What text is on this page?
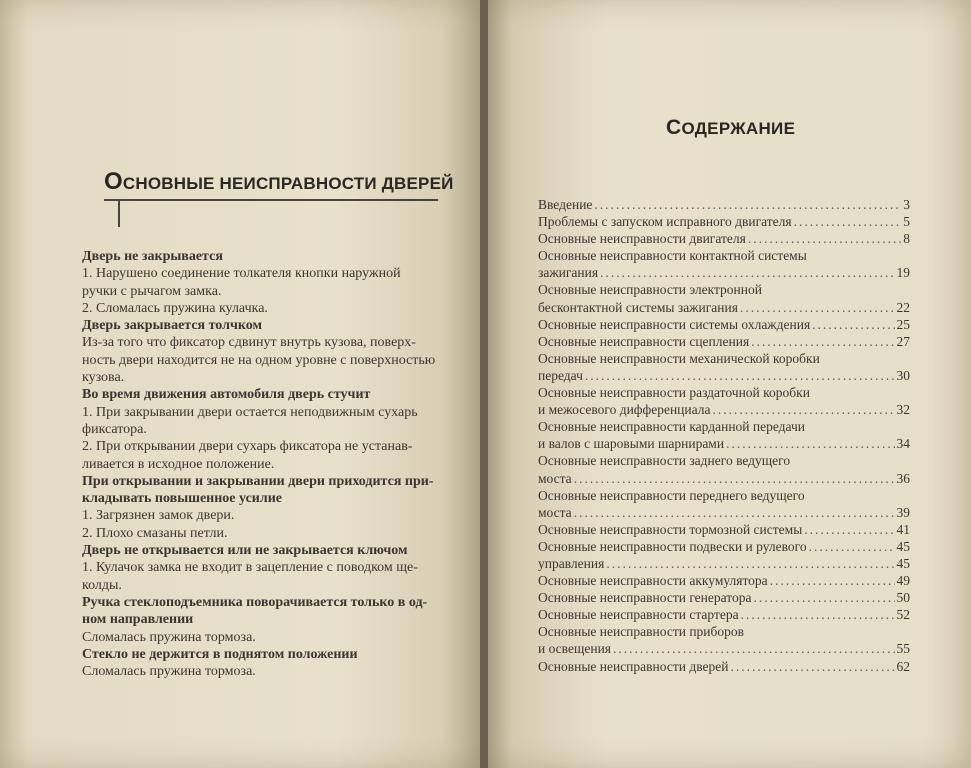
ОСНОВНЫЕ НЕИСПРАВНОСТИ ДВЕРЕЙ

Дверь не закрывается

1. Нарушено соединение толкателя кнопки наружной

ручки с рычагом замка.

2. Сломалась пружина кулачка.

Дверь закрывается толчком

Из-за того что фиксатор сдвинут внутрь кузова, поверх-

ность двери находится не на одном уровне с поверхностью

кузова.

Во время движения автомобиля дверь стучит

1. При закрывании двери остается неподвижным сухарь

фиксатора.

2. При открывании двери сухарь фиксатора не устанав-

ливается в исходное положение.

При открывании и закрывании двери приходится при-

кладывать повышенное усилие

1. Загрязнен замок двери.

2. Плохо смазаны петли.

Дверь не открывается или не закрывается ключом

1. Кулачок замка не входит в зацепление с поводком ще-

колды.

Ручка стеклоподъемника поворачивается только в од-

ном направлении

Сломалась пружина тормоза.

Стекло не держится в поднятом положении

Сломалась пружина тормоза.

СОДЕРЖАНИЕ
Введение .....	3
Проблемы с запуском исправного двигателя .....	5
Основные неисправности двигателя .....	8
Основные неисправности контактной системы
зажигания .....	19
Основные неисправности электронной
бесконтактной системы зажигания .....	22
Основные неисправности системы охлаждения .....	25
Основные неисправности сцепления .....	27
Основные неисправности механической коробки
передач .....	30
Основные неисправности раздаточной коробки
и межосевого дифференциала .....	32
Основные неисправности карданной передачи
и валов с шаровыми шарнирами .....	34
Основные неисправности заднего ведущего
моста .....	36
Основные неисправности переднего ведущего
моста .....	39
Основные неисправности тормозной системы .....	41
Основные неисправности подвески и рулевого .....	45
управления .....	45
Основные неисправности аккумулятора .....	49
Основные неисправности генератора .....	50
Основные неисправности стартера .....	52
Основные неисправности приборов
и освещения .....	55
Основные неисправности дверей .....	62
